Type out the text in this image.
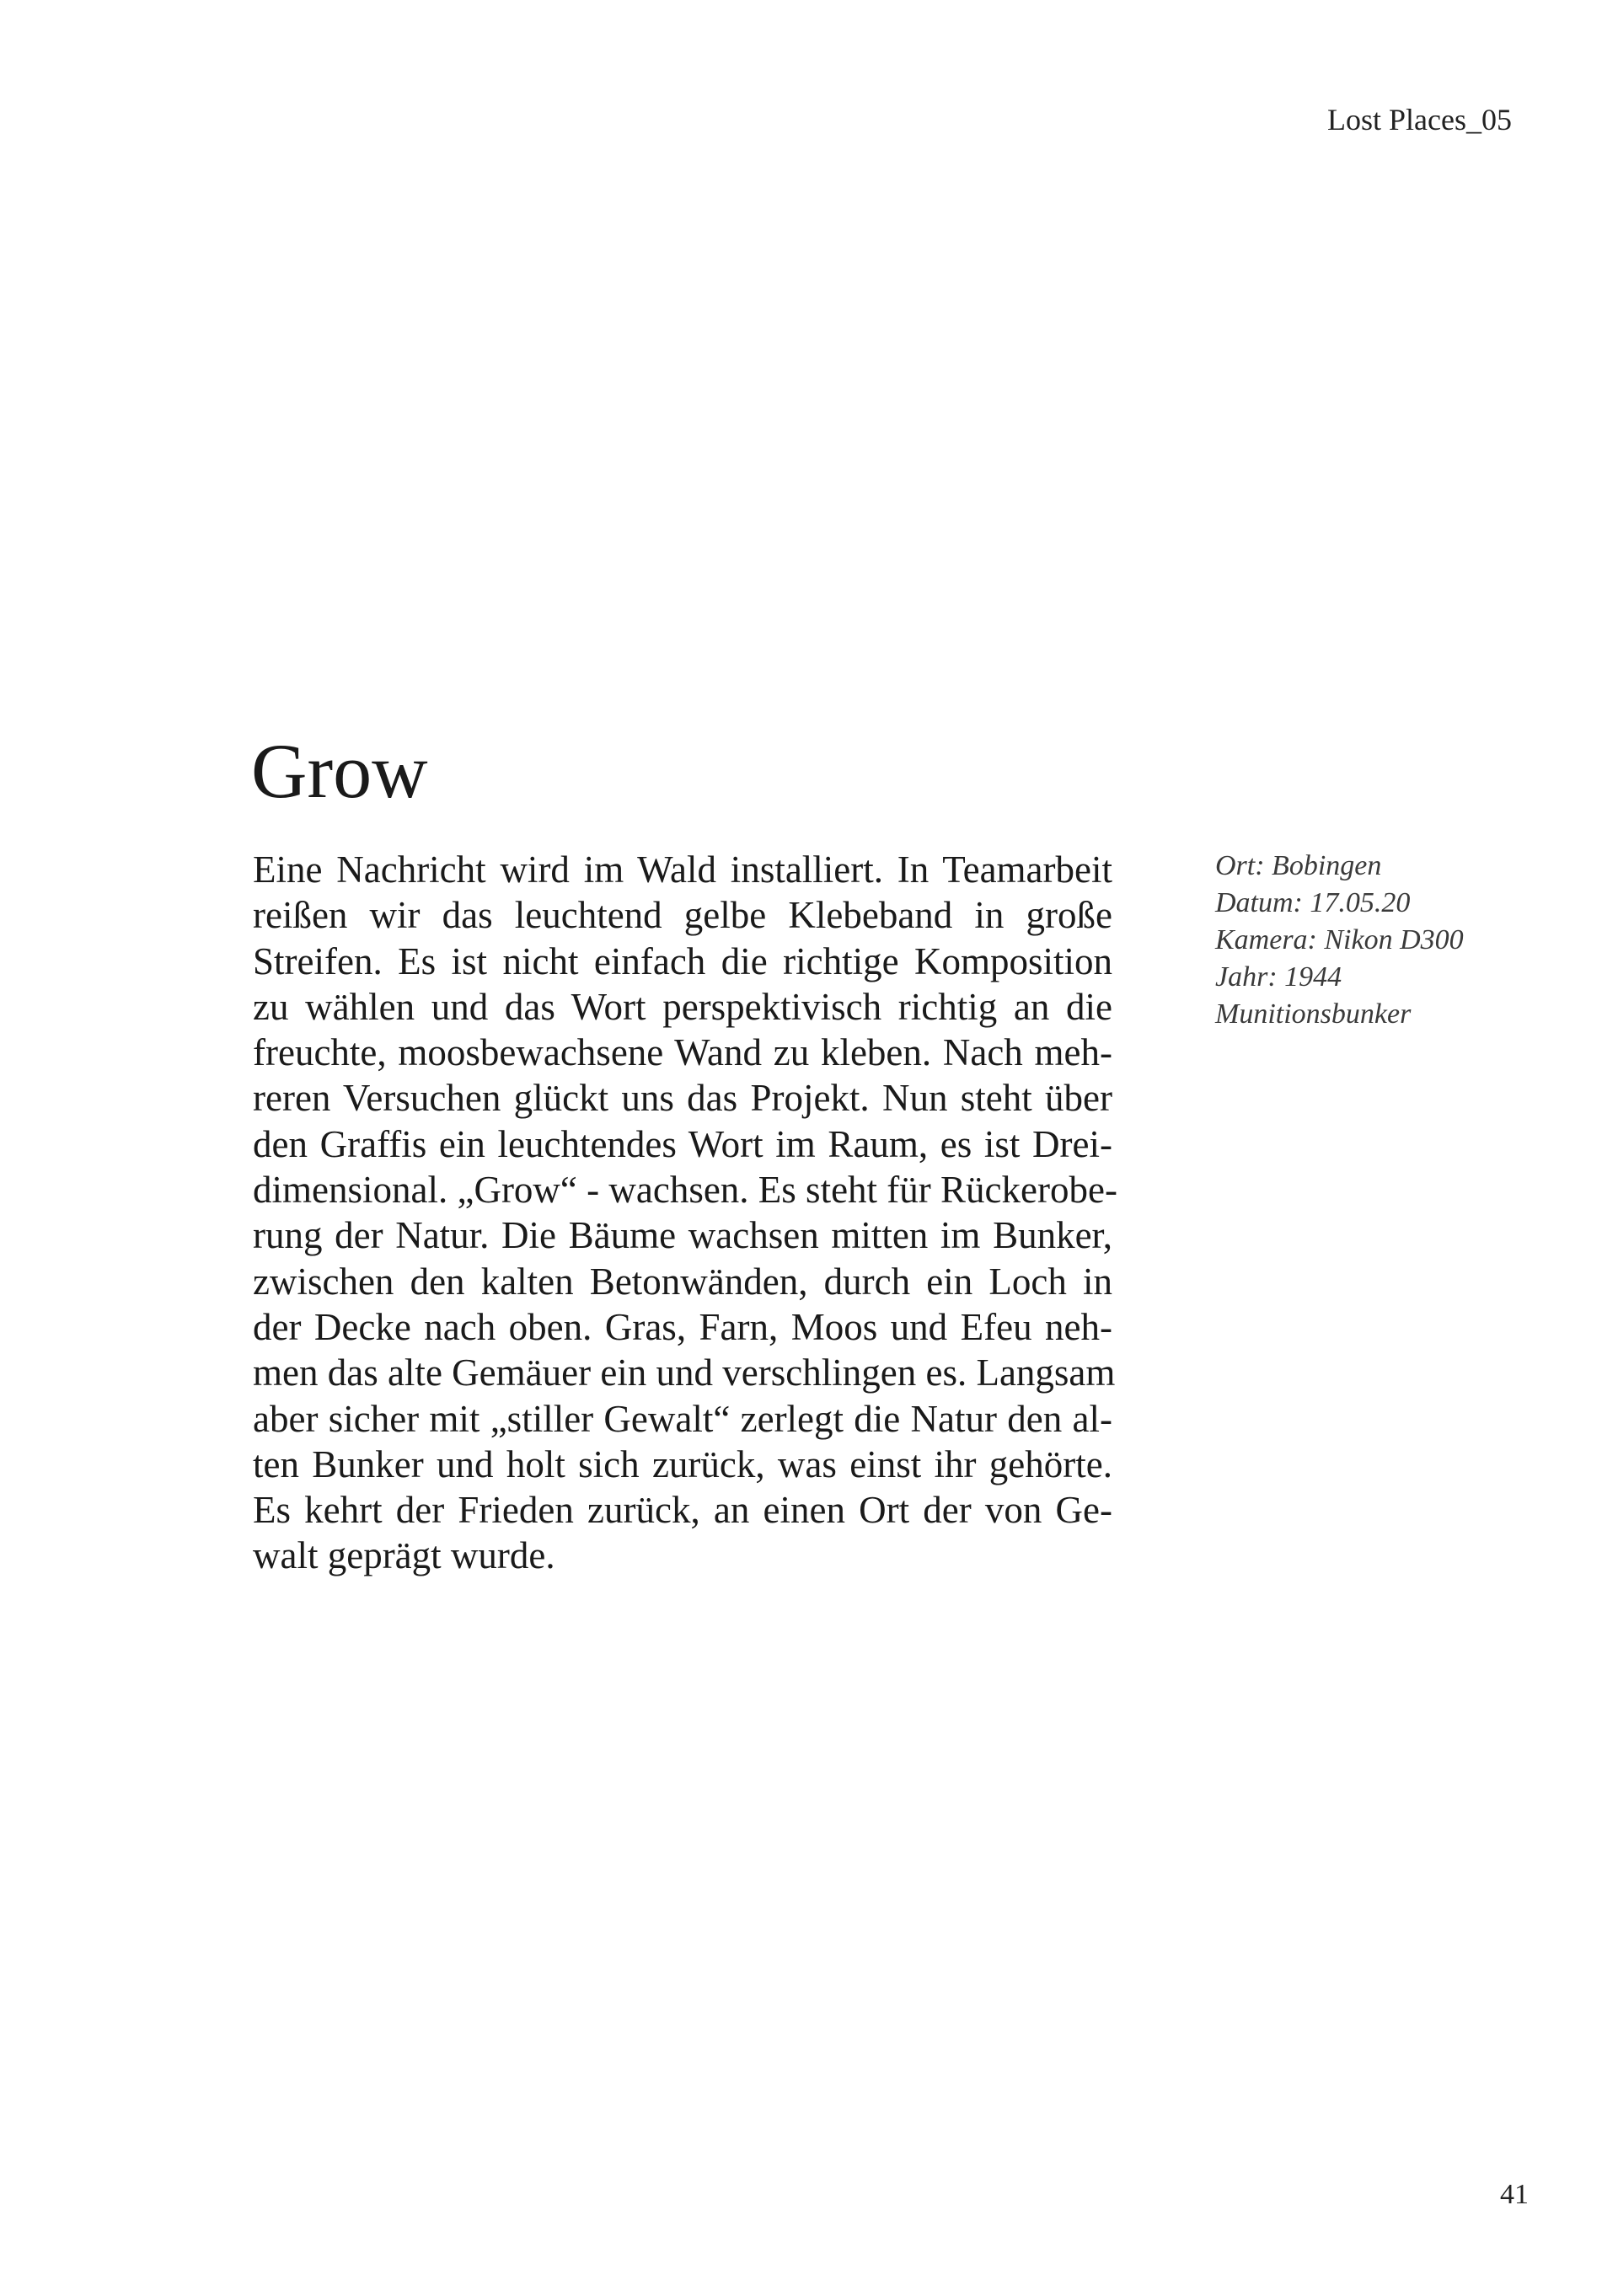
Lost Places_05
Grow

Eine Nachricht wird im Wald installiert. In Teamarbeit
reißen wir das leuchtend gelbe Klebeband in große
Streifen. Es ist nicht einfach die richtige Komposition
zu wählen und das Wort perspektivisch richtig an die
freuchte, moosbewachsene Wand zu kleben. Nach meh-
reren Versuchen glückt uns das Projekt. Nun steht über
den Graffis ein leuchtendes Wort im Raum, es ist Drei-
dimensional. „Grow“ - wachsen. Es steht für Rückerobe-
rung der Natur. Die Bäume wachsen mitten im Bunker,
zwischen den kalten Betonwänden, durch ein Loch in
der Decke nach oben. Gras, Farn, Moos und Efeu neh-
men das alte Gemäuer ein und verschlingen es. Langsam
aber sicher mit „stiller Gewalt“ zerlegt die Natur den al-
ten Bunker und holt sich zurück, was einst ihr gehörte.
Es kehrt der Frieden zurück, an einen Ort der von Ge-
walt geprägt wurde.

Ort: Bobingen
Datum: 17.05.20
Kamera: Nikon D300
Jahr: 1944
Munitionsbunker
41
